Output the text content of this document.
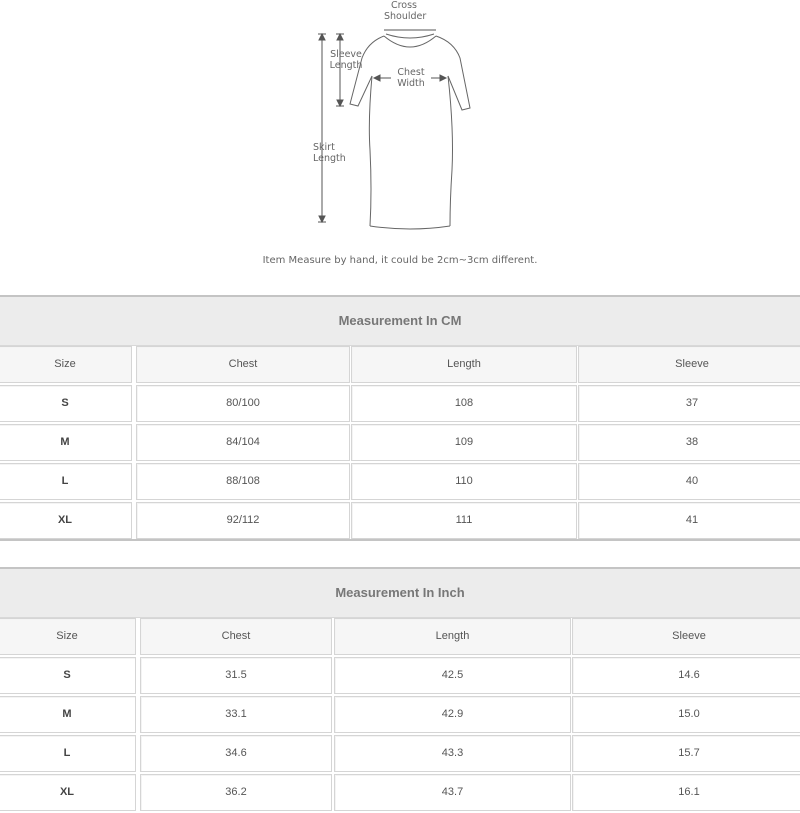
Cross
Shoulder
Sleeve
Length
Chest
Width
Skirt
Length
Item Measure by hand, it could be 2cm~3cm different.
Measurement In CM
Size	Chest	Length	Sleeve
S	80/100	108	37
M	84/104	109	38
L	88/108	110	40
XL	92/112	111	41
Measurement In Inch
Size	Chest	Length	Sleeve
S	31.5	42.5	14.6
M	33.1	42.9	15.0
L	34.6	43.3	15.7
XL	36.2	43.7	16.1
